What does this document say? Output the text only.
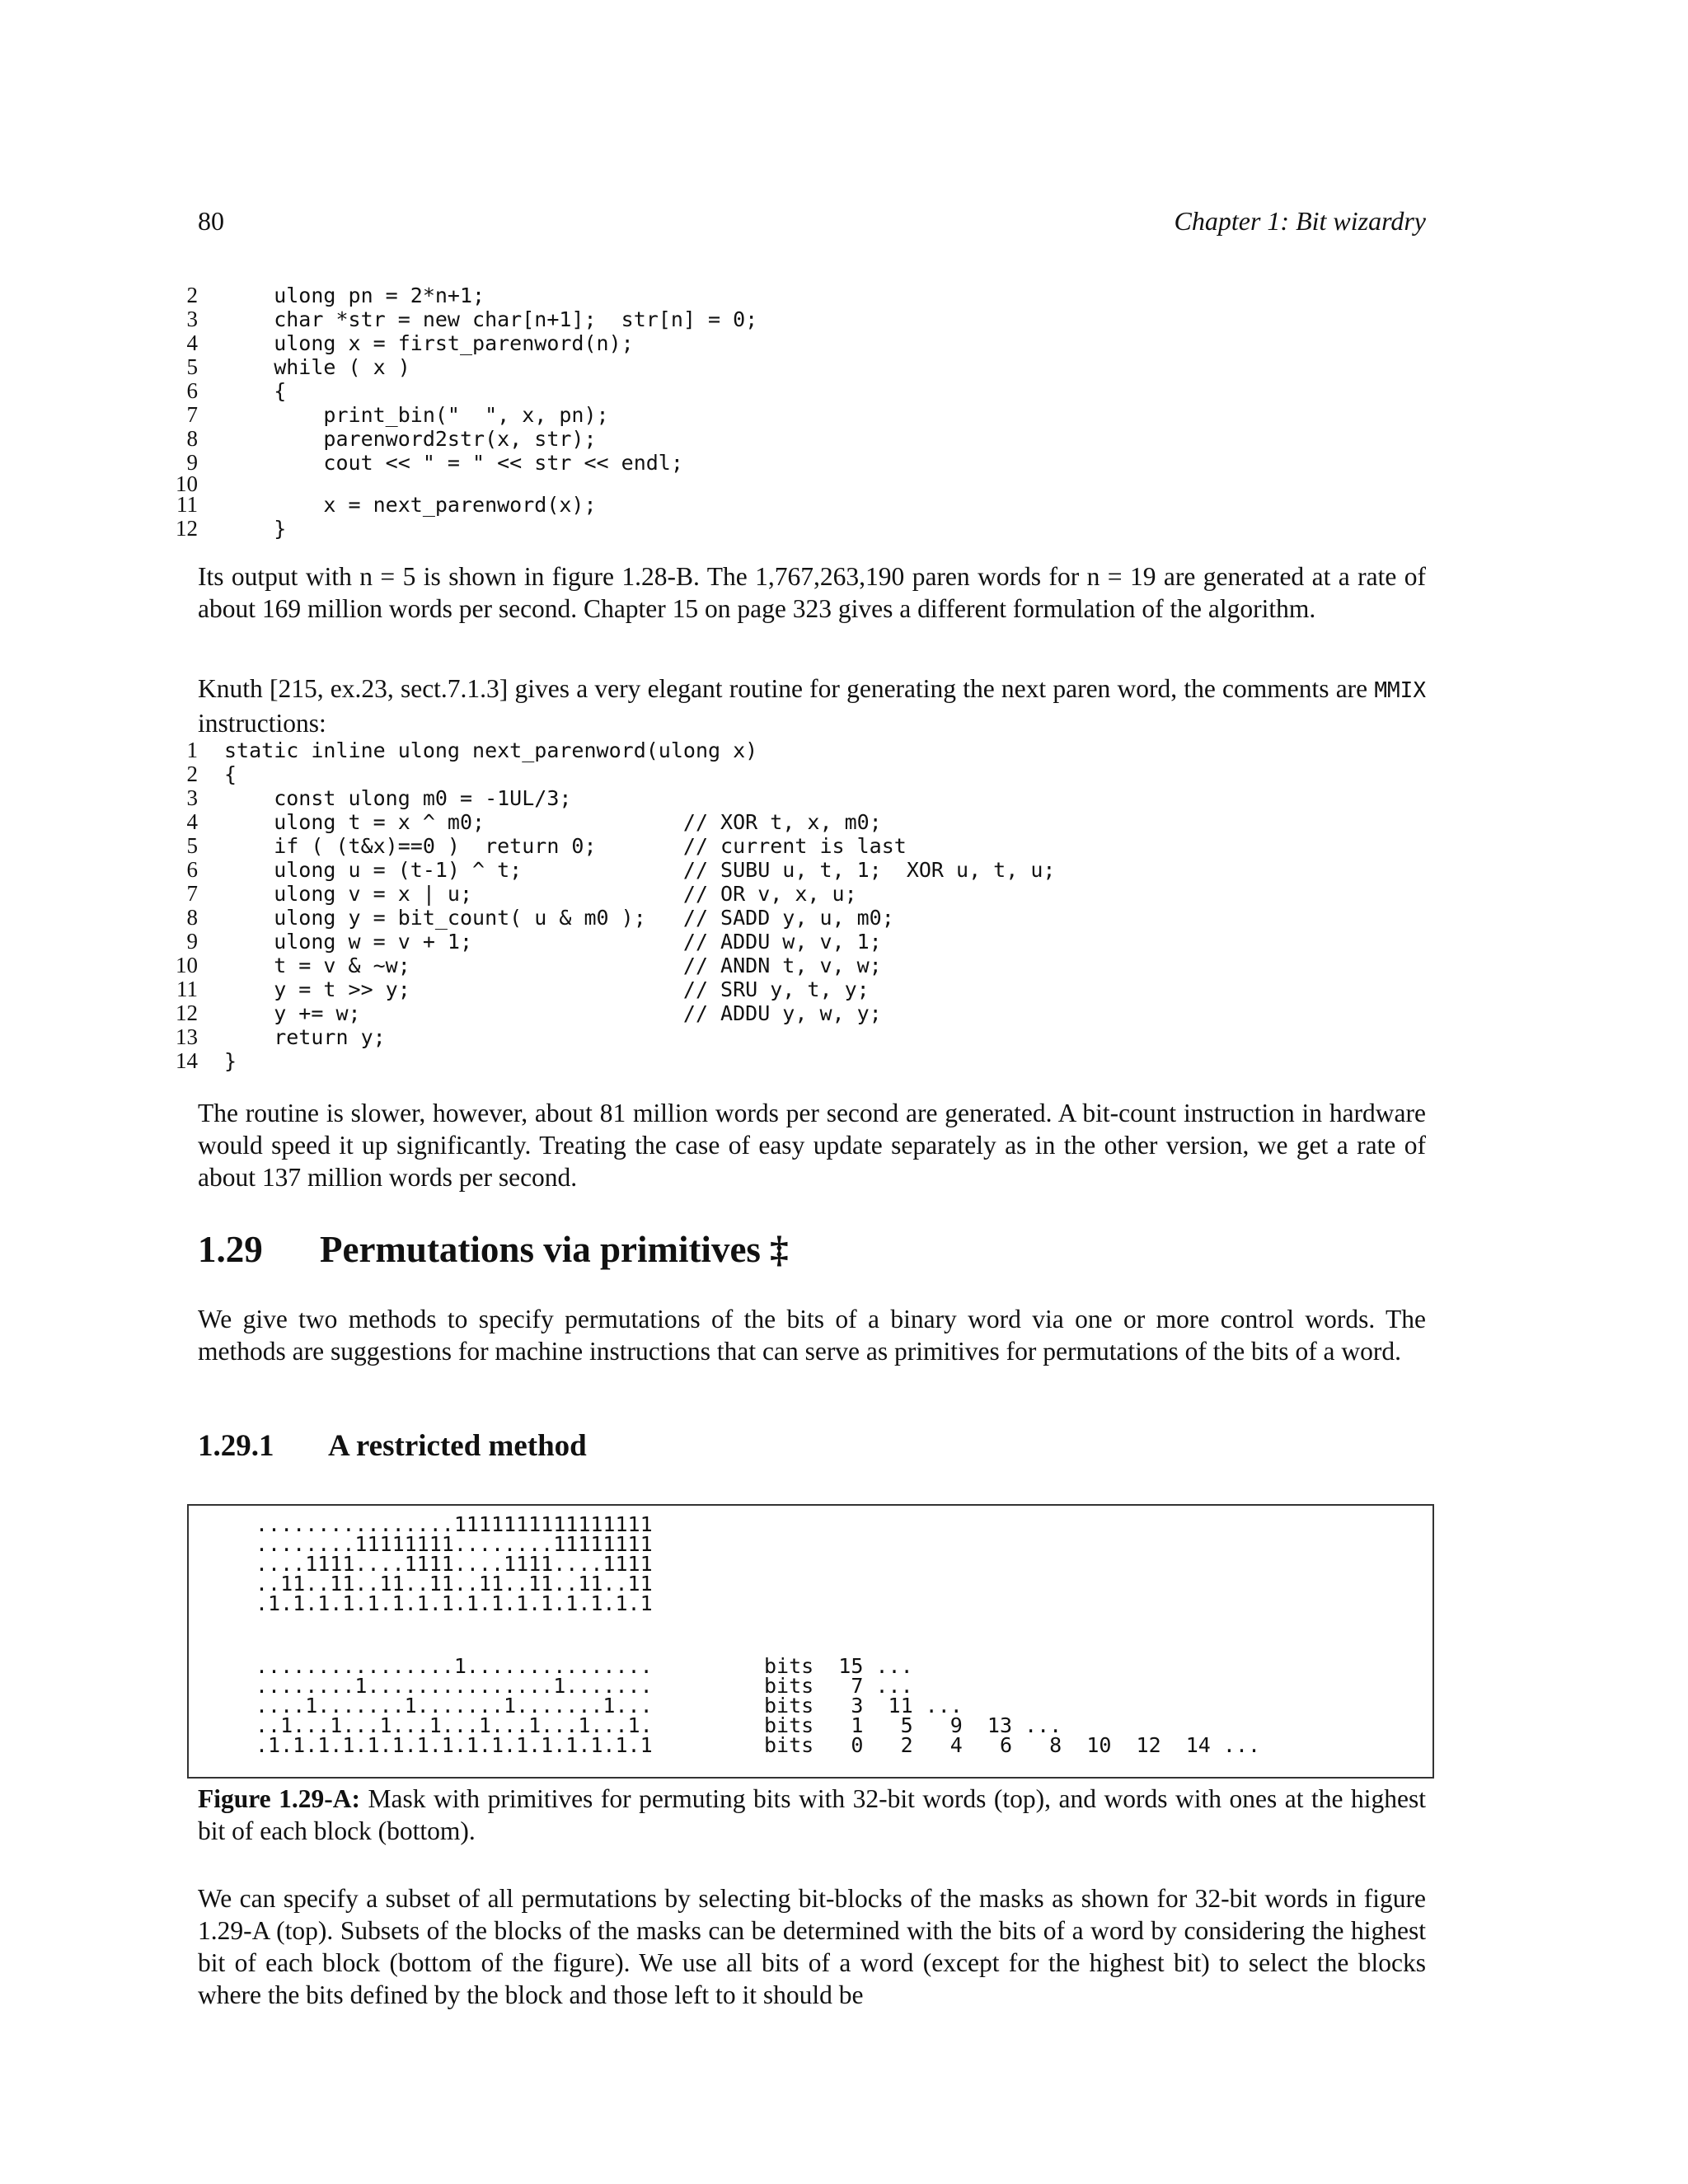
80	Chapter 1: Bit wizardry
2 ulong pn = 2*n+1;
3 char *str = new char[n+1];  str[n] = 0;
4 ulong x = first_parenword(n);
5 while ( x )
6 {
7 print_bin("  ", x, pn);
8 parenword2str(x, str);
9 cout << " = " << str << endl;
10
11 x = next_parenword(x);
12 }
Its output with n = 5 is shown in figure 1.28-B. The 1,767,263,190 paren words for n = 19 are generated at a rate of about 169 million words per second. Chapter 15 on page 323 gives a different formulation of the algorithm.
Knuth [215, ex.23, sect.7.1.3] gives a very elegant routine for generating the next paren word, the comments are MMIX instructions:
1 static inline ulong next_parenword(ulong x)
2 {
3 const ulong m0 = -1UL/3;
4 ulong t = x ^ m0;                // XOR t, x, m0;
5 if ( (t&x)==0 )  return 0;       // current is last
6 ulong u = (t-1) ^ t;             // SUBU u, t, 1;  XOR u, t, u;
7 ulong v = x | u;                 // OR v, x, u;
8 ulong y = bit_count( u & m0 );   // SADD y, u, m0;
9 ulong w = v + 1;                 // ADDU w, v, 1;
10 t = v & ~w;                      // ANDN t, v, w;
11 y = t >> y;                      // SRU y, t, y;
12 y += w;                          // ADDU y, w, y;
13 return y;
14 }
The routine is slower, however, about 81 million words per second are generated. A bit-count instruction in hardware would speed it up significantly. Treating the case of easy update separately as in the other version, we get a rate of about 137 million words per second.
1.29 Permutations via primitives ‡
We give two methods to specify permutations of the bits of a binary word via one or more control words. The methods are suggestions for machine instructions that can serve as primitives for permutations of the bits of a word.
1.29.1 A restricted method
................1111111111111111
........11111111........11111111
....1111....1111....1111....1111
..11..11..11..11..11..11..11..11
.1.1.1.1.1.1.1.1.1.1.1.1.1.1.1.1
................1...............
........1...............1.......
....1.......1.......1.......1...
..1...1...1...1...1...1...1...1.
.1.1.1.1.1.1.1.1.1.1.1.1.1.1.1.1
bits  15 ...
bits   7 ...
bits   3  11 ...
bits   1   5   9  13 ...
bits   0   2   4   6   8  10  12  14 ...
Figure 1.29-A: Mask with primitives for permuting bits with 32-bit words (top), and words with ones at the highest bit of each block (bottom).
We can specify a subset of all permutations by selecting bit-blocks of the masks as shown for 32-bit words in figure 1.29-A (top). Subsets of the blocks of the masks can be determined with the bits of a word by considering the highest bit of each block (bottom of the figure). We use all bits of a word (except for the highest bit) to select the blocks where the bits defined by the block and those left to it should be
